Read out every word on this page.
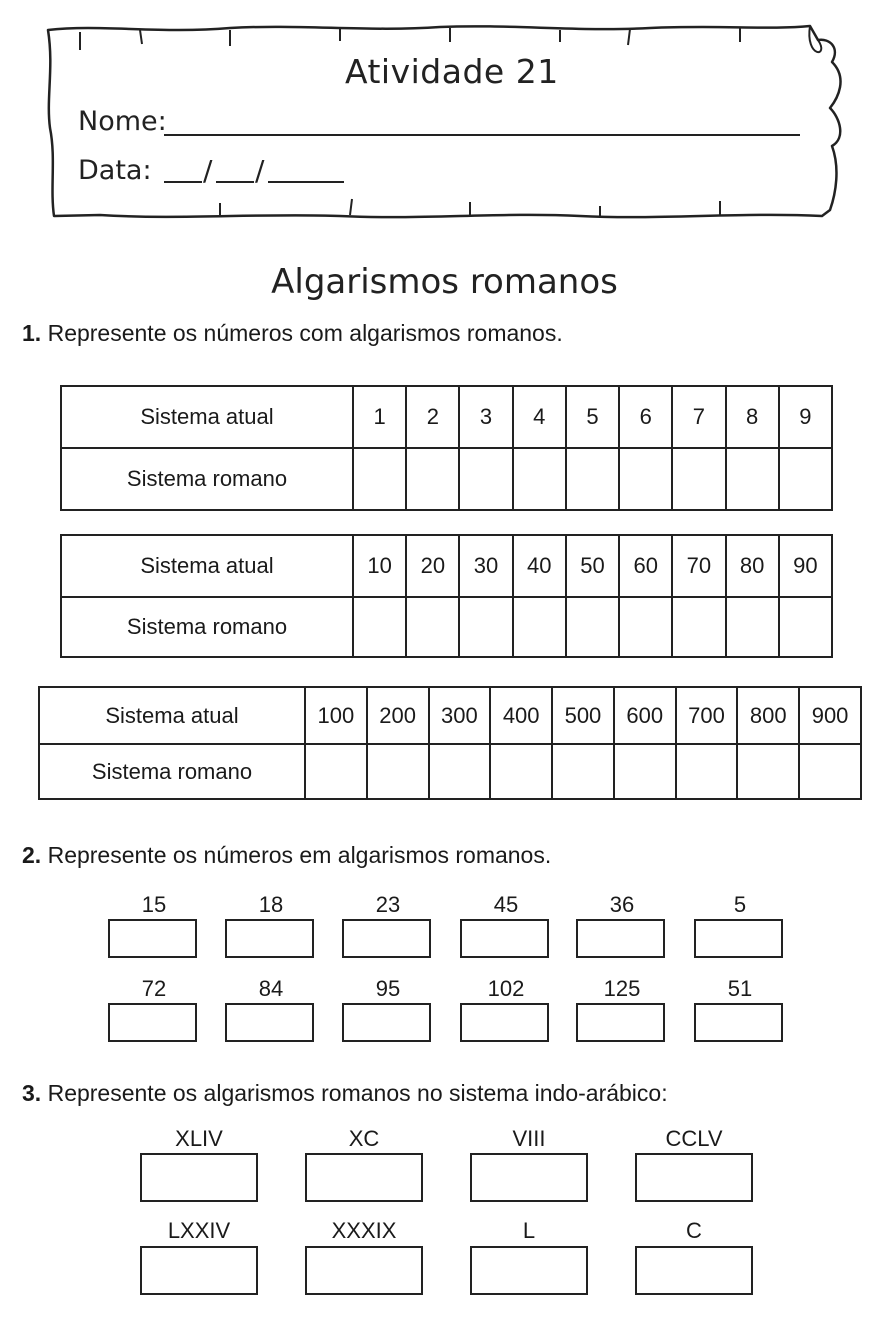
Atividade 21
Nome:
Data: / /
Algarismos romanos
1. Represente os números com algarismos romanos.
Sistema atual	1	2	3	4	5	6	7	8	9
Sistema romano									
Sistema atual	10	20	30	40	50	60	70	80	90
Sistema romano									
Sistema atual	100	200	300	400	500	600	700	800	900
Sistema romano									
2. Represente os números em algarismos romanos.
15	18	23	45	36	5
72	84	95	102	125	51
3. Represente os algarismos romanos no sistema indo-arábico:
XLIV	XC	VIII	CCLV
LXXIV	XXXIX	L	C
